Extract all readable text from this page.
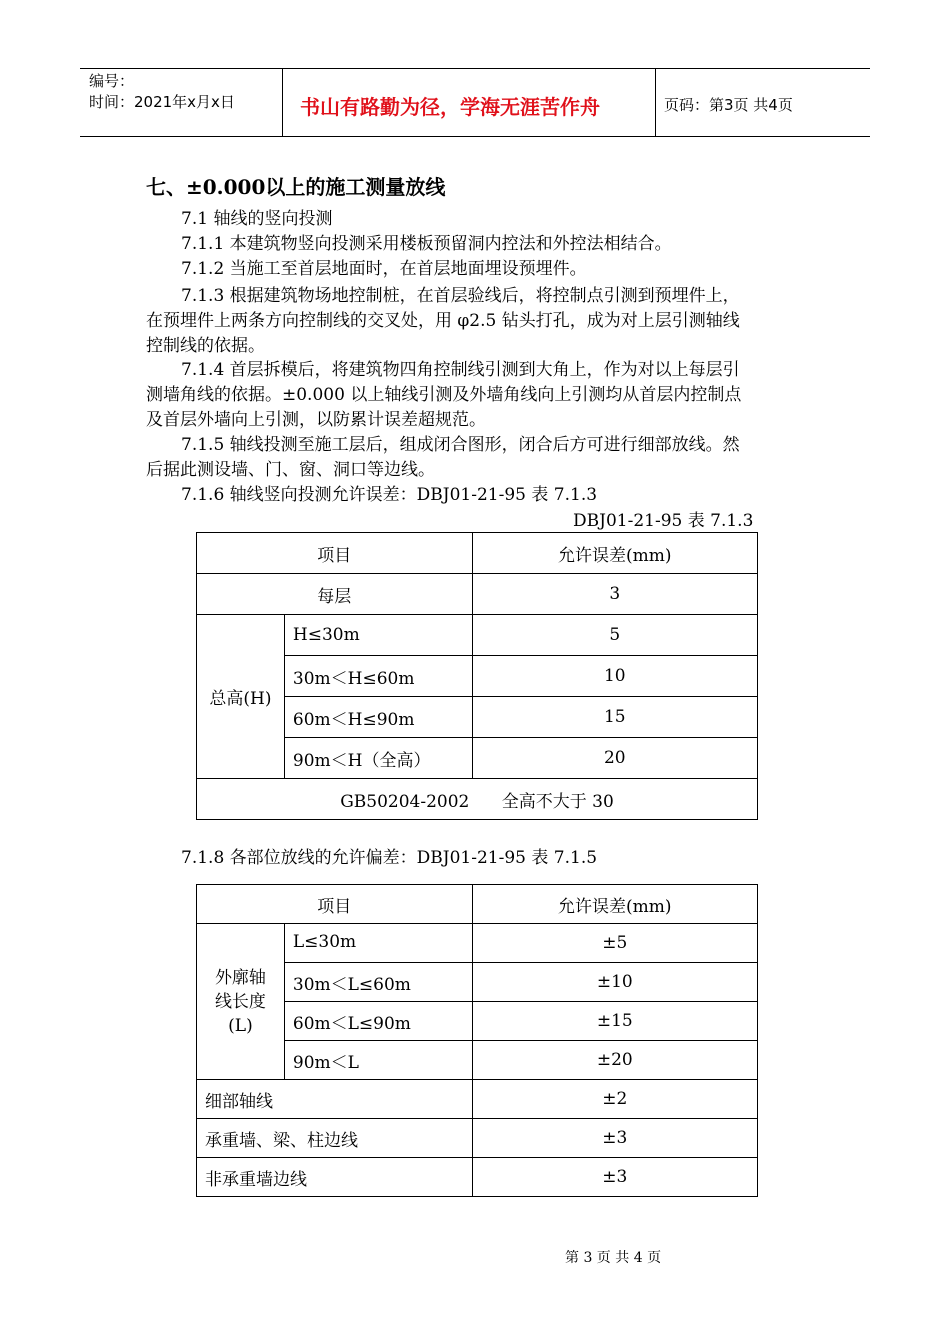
编号：
时间：2021年x月x日	书山有路勤为径，学海无涯苦作舟	页码：第3页 共4页
七、±0.000以上的施工测量放线
7.1 轴线的竖向投测
7.1.1 本建筑物竖向投测采用楼板预留洞内控法和外控法相结合。
7.1.2 当施工至首层地面时，在首层地面埋设预埋件。
7.1.3 根据建筑物场地控制桩，在首层验线后，将控制点引测到预埋件上，
在预埋件上两条方向控制线的交叉处，用 φ2.5 钻头打孔，成为对上层引测轴线
控制线的依据。
7.1.4 首层拆模后，将建筑物四角控制线引测到大角上，作为对以上每层引
测墙角线的依据。±0.000 以上轴线引测及外墙角线向上引测均从首层内控制点
及首层外墙向上引测，以防累计误差超规范。
7.1.5 轴线投测至施工层后，组成闭合图形，闭合后方可进行细部放线。然
后据此测设墙、门、窗、洞口等边线。
7.1.6 轴线竖向投测允许误差：DBJ01-21-95 表 7.1.3
DBJ01-21-95 表 7.1.3
项目		允许误差(mm)
每层		3
总高(H)	H≤30m	5
	30m＜H≤60m	10
	60m＜H≤90m	15
	90m＜H（全高）	20
GB50204-2002      全高不大于 30		
7.1.8 各部位放线的允许偏差：DBJ01-21-95 表 7.1.5
项目		允许误差(mm)

外廓轴
线长度
(L)	L≤30m	±5
	30m＜L≤60m	±10
	60m＜L≤90m	±15
	90m＜L	±20
细部轴线		±2
承重墙、梁、柱边线		±3
非承重墙边线		±3
第 3 页 共 4 页
